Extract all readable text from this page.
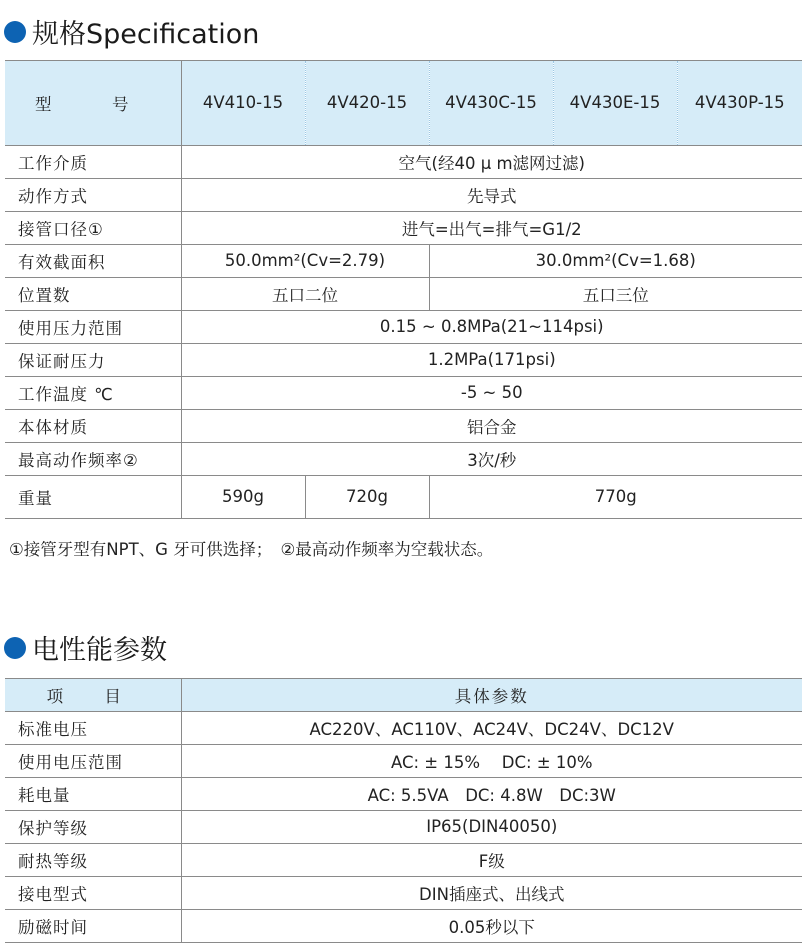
规格Specification
型　号	4V410-15	4V420-15	4V430C-15	4V430E-15	4V430P-15
工作介质	空气(经40 μ m滤网过滤)				
动作方式	先导式				
接管口径①	进气=出气=排气=G1/2				
有效截面积	50.0mm²(Cv=2.79)		30.0mm²(Cv=1.68)		
位置数	五口二位		五口三位		
使用压力范围	0.15 ~ 0.8MPa(21~114psi)				
保证耐压力	1.2MPa(171psi)				
工作温度 ℃	-5 ~ 50				
本体材质	铝合金				
最高动作频率②	3次/秒				
重量	590g	720g	770g		
①接管牙型有NPT、G 牙可供选择；　②最高动作频率为空载状态。
电性能参数
项 目	具体参数
标准电压	AC220V、AC110V、AC24V、DC24V、DC12V
使用电压范围	AC: ± 15%　 DC: ± 10%
耗电量	AC: 5.5VA　DC: 4.8W　DC:3W
保护等级	IP65(DIN40050)
耐热等级	F级
接电型式	DIN插座式、出线式
励磁时间	0.05秒以下
